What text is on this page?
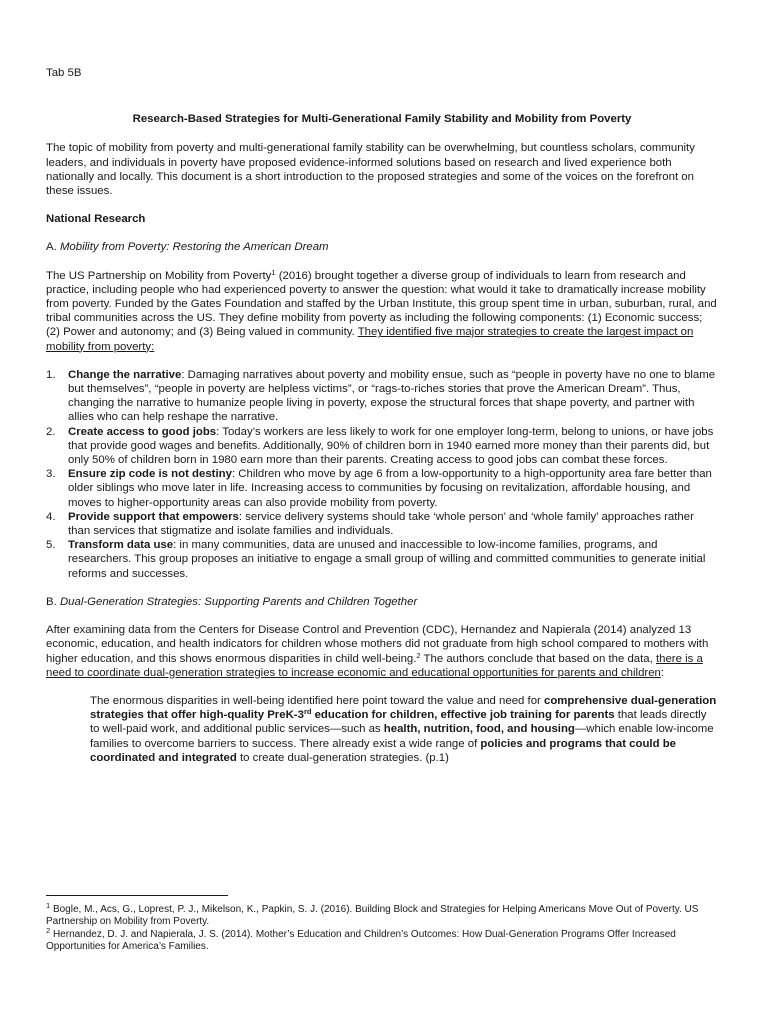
Tab 5B

Research-Based Strategies for Multi-Generational Family Stability and Mobility from Poverty

The topic of mobility from poverty and multi-generational family stability can be overwhelming, but countless scholars, community leaders, and individuals in poverty have proposed evidence-informed solutions based on research and lived experience both nationally and locally. This document is a short introduction to the proposed strategies and some of the voices on the forefront on these issues.

National Research

A. Mobility from Poverty: Restoring the American Dream

The US Partnership on Mobility from Poverty$^1$ (2016) brought together a diverse group of individuals to learn from research and practice, including people who had experienced poverty to answer the question: what would it take to dramatically increase mobility from poverty. Funded by the Gates Foundation and staffed by the Urban Institute, this group spent time in urban, suburban, rural, and tribal communities across the US. They define mobility from poverty as including the following components: (1) Economic success; (2) Power and autonomy; and (3) Being valued in community. They identified five major strategies to create the largest impact on mobility from poverty:

1. Change the narrative: Damaging narratives about poverty and mobility ensue, such as “people in poverty have no one to blame but themselves”, “people in poverty are helpless victims”, or “rags-to-riches stories that prove the American Dream”. Thus, changing the narrative to humanize people living in poverty, expose the structural forces that shape poverty, and partner with allies who can help reshape the narrative.
2. Create access to good jobs: Today’s workers are less likely to work for one employer long-term, belong to unions, or have jobs that provide good wages and benefits. Additionally, 90% of children born in 1940 earned more money than their parents did, but only 50% of children born in 1980 earn more than their parents. Creating access to good jobs can combat these forces.
3. Ensure zip code is not destiny: Children who move by age 6 from a low-opportunity to a high-opportunity area fare better than older siblings who move later in life. Increasing access to communities by focusing on revitalization, affordable housing, and moves to higher-opportunity areas can also provide mobility from poverty.
4. Provide support that empowers: service delivery systems should take ‘whole person’ and ‘whole family’ approaches rather than services that stigmatize and isolate families and individuals.
5. Transform data use: in many communities, data are unused and inaccessible to low-income families, programs, and researchers. This group proposes an initiative to engage a small group of willing and committed communities to generate initial reforms and successes.

B. Dual-Generation Strategies: Supporting Parents and Children Together

After examining data from the Centers for Disease Control and Prevention (CDC), Hernandez and Napierala (2014) analyzed 13 economic, education, and health indicators for children whose mothers did not graduate from high school compared to mothers with higher education, and this shows enormous disparities in child well-being.$^2$ The authors conclude that based on the data, there is a need to coordinate dual-generation strategies to increase economic and educational opportunities for parents and children:

The enormous disparities in well-being identified here point toward the value and need for comprehensive dual-generation strategies that offer high-quality PreK-3rd education for children, effective job training for parents that leads directly to well-paid work, and additional public services—such as health, nutrition, food, and housing—which enable low-income families to overcome barriers to success. There already exist a wide range of policies and programs that could be coordinated and integrated to create dual-generation strategies. (p.1)

$^1$ Bogle, M., Acs, G., Loprest, P. J., Mikelson, K., Papkin, S. J. (2016). Building Block and Strategies for Helping Americans Move Out of Poverty. US Partnership on Mobility from Poverty.

$^2$ Hernandez, D. J. and Napierala, J. S. (2014). Mother’s Education and Children’s Outcomes: How Dual-Generation Programs Offer Increased Opportunities for America’s Families.
